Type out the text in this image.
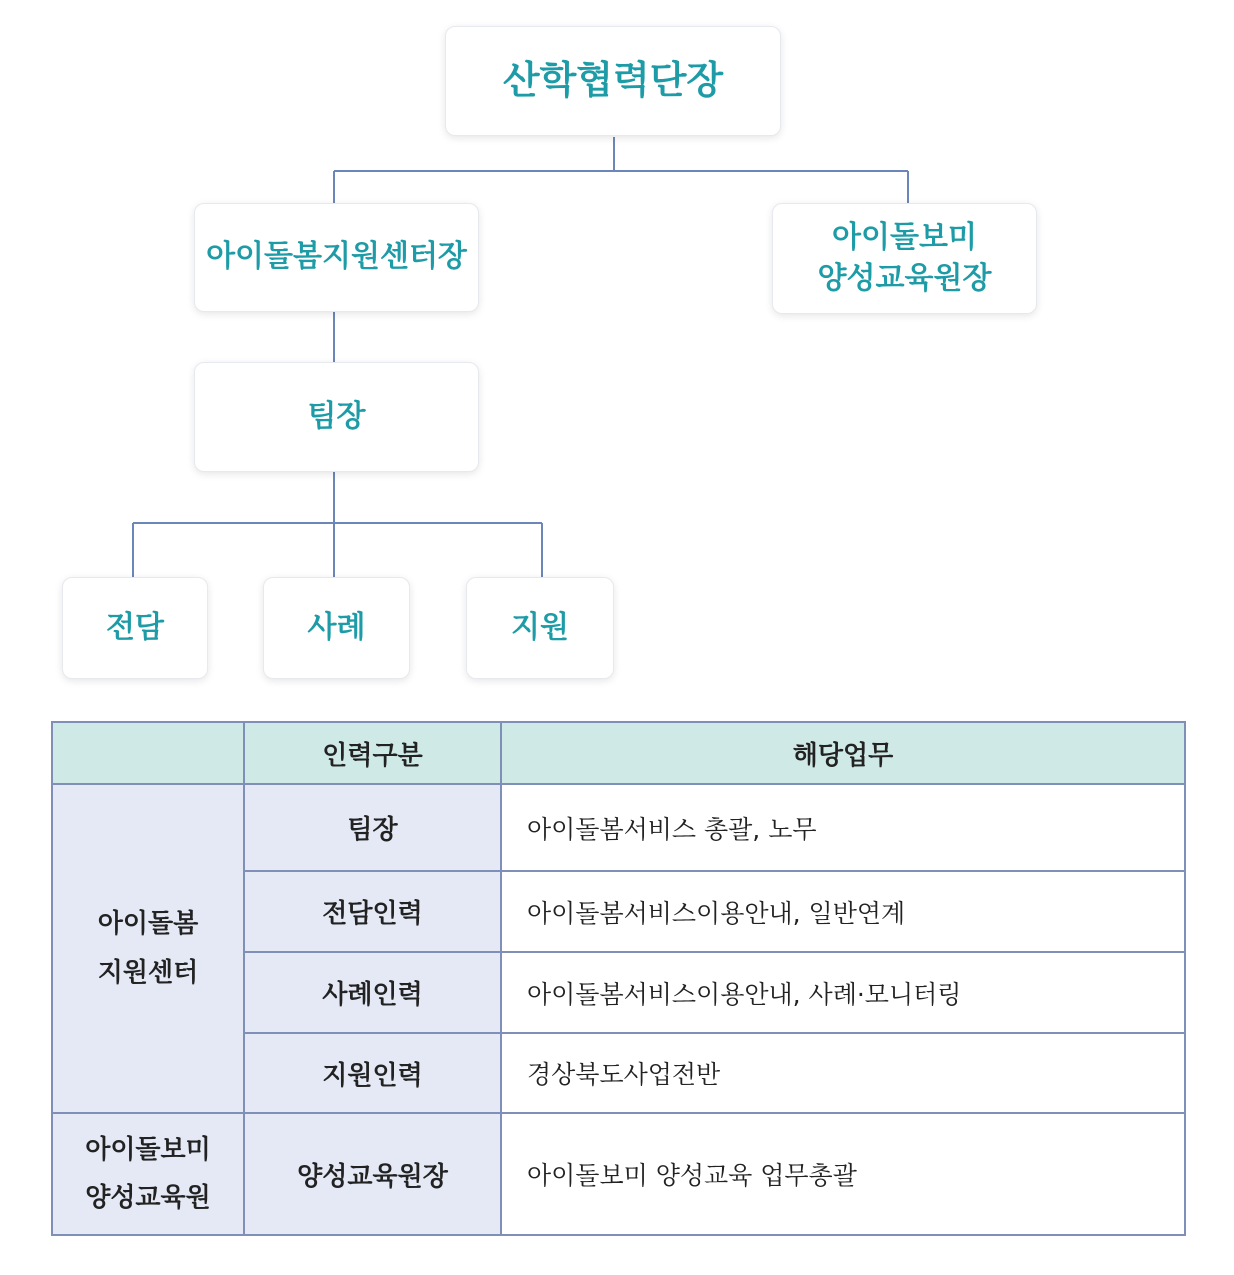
산학협력단장
아이돌봄지원센터장
아이돌보미
양성교육원장
팀장
전담	사례	지원
	인력구분	해당업무

아이돌봄
지원센터	팀장	아이돌봄서비스 총괄, 노무
	전담인력	아이돌봄서비스이용안내, 일반연계
	사례인력	아이돌봄서비스이용안내, 사례·모니터링
	지원인력	경상북도사업전반

아이돌보미
양성교육원	양성교육원장	아이돌보미 양성교육 업무총괄
